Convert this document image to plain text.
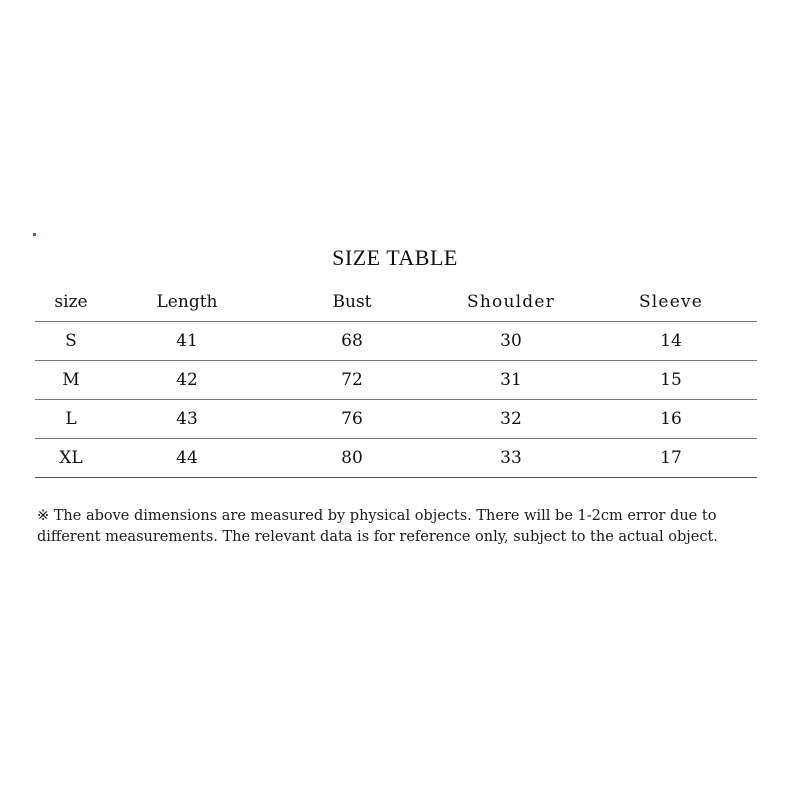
SIZE TABLE
size	Length	Bust	Shoulder	Sleeve
S	41	68	30	14
M	42	72	31	15
L	43	76	32	16
XL	44	80	33	17
※ The above dimensions are measured by physical objects. There will be 1-2cm error due to different measurements. The relevant data is for reference only, subject to the actual object.
